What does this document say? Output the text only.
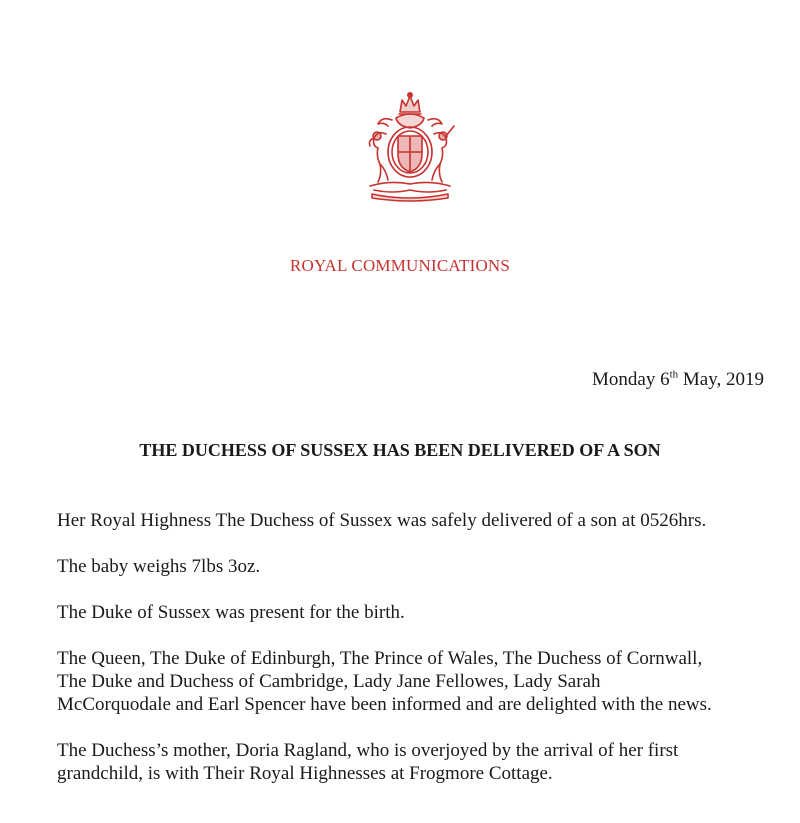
ROYAL COMMUNICATIONS
Monday 6th May, 2019
THE DUCHESS OF SUSSEX HAS BEEN DELIVERED OF A SON

Her Royal Highness The Duchess of Sussex was safely delivered of a son at 0526hrs.

The baby weighs 7lbs 3oz.

The Duke of Sussex was present for the birth.

The Queen, The Duke of Edinburgh, The Prince of Wales, The Duchess of Cornwall,

The Duke and Duchess of Cambridge, Lady Jane Fellowes, Lady Sarah

McCorquodale and Earl Spencer have been informed and are delighted with the news.

The Duchess’s mother, Doria Ragland, who is overjoyed by the arrival of her first

grandchild, is with Their Royal Highnesses at Frogmore Cottage.
